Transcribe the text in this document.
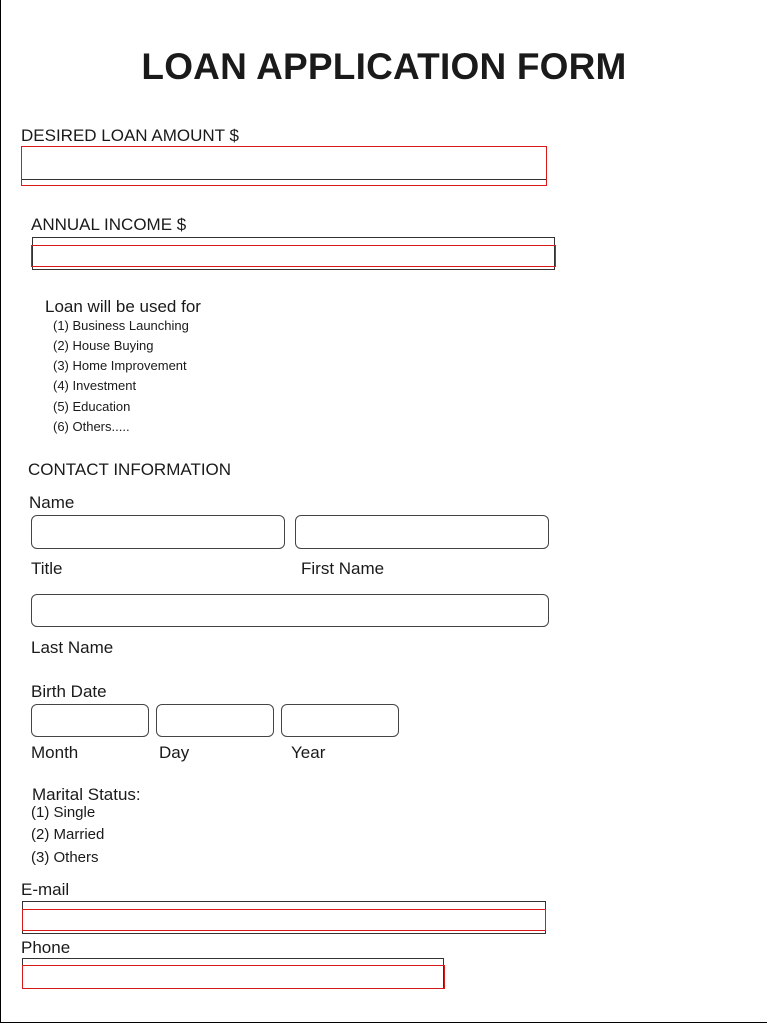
LOAN APPLICATION FORM
DESIRED LOAN AMOUNT $
ANNUAL INCOME $
Loan will be used for
(1) Business Launching
(2) House Buying
(3) Home Improvement
(4) Investment
(5) Education
(6) Others.....
CONTACT INFORMATION
Name
Title	First Name
Last Name
Birth Date
Month	Day	Year
Marital Status:
(1) Single
(2) Married
(3) Others
E-mail
Phone
